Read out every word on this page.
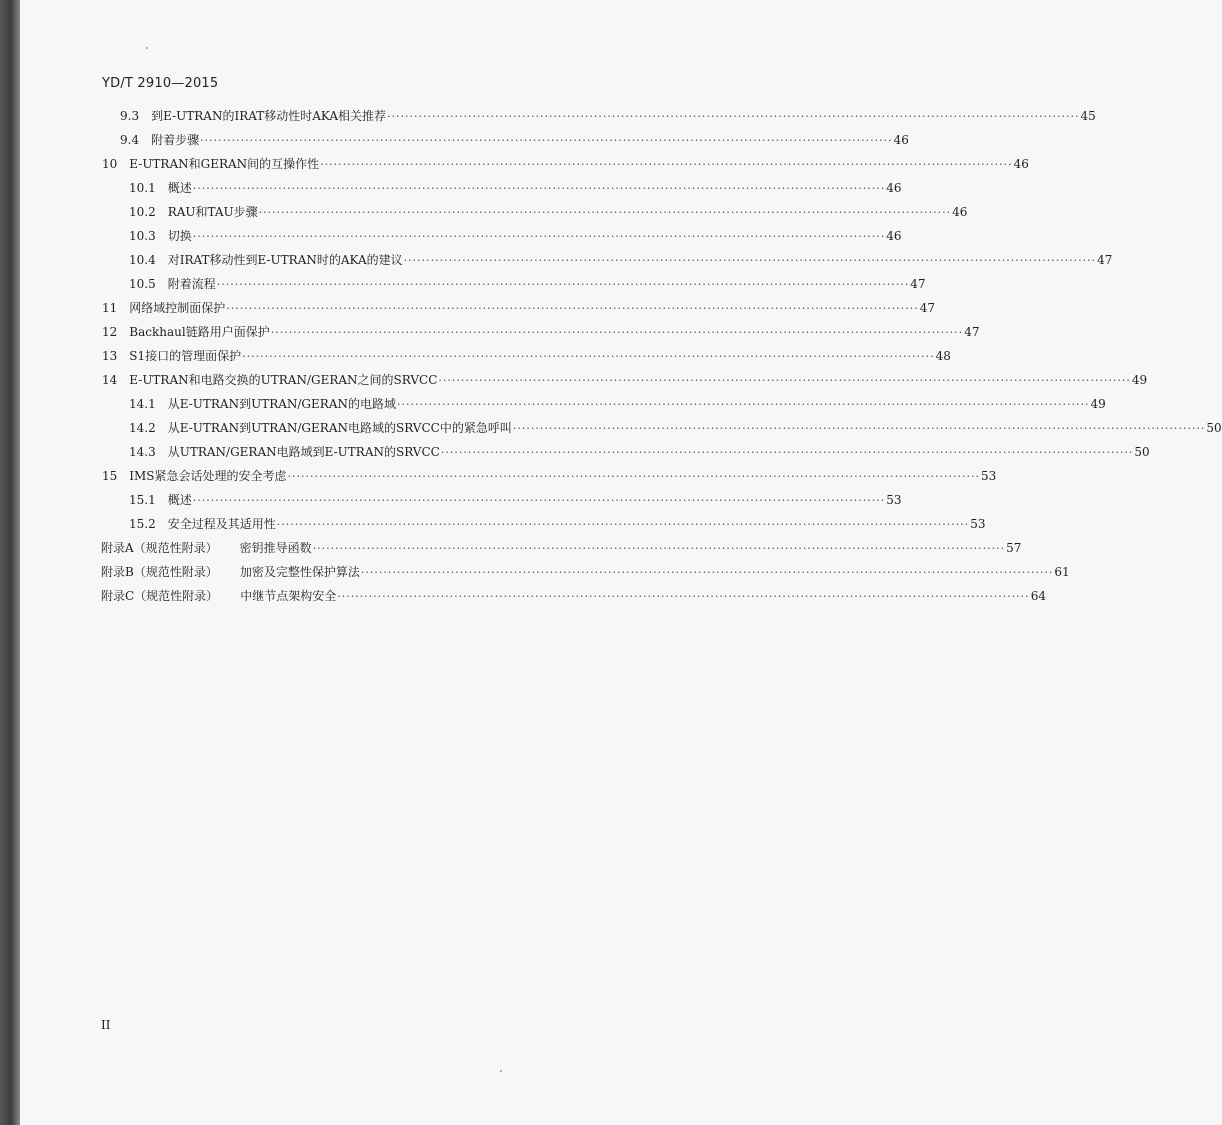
YD/T 2910—2015
9.3 到E-UTRAN的IRAT移动性时AKA相关推荐 ·························································································································································· 45
9.4 附着步骤 ·························································································································································· 46
10 E-UTRAN和GERAN间的互操作性 ·························································································································································· 46
10.1 概述 ·························································································································································· 46
10.2 RAU和TAU步骤 ·························································································································································· 46
10.3 切换 ·························································································································································· 46
10.4 对IRAT移动性到E-UTRAN时的AKA的建议 ·························································································································································· 47
10.5 附着流程 ·························································································································································· 47
11 网络域控制面保护 ·························································································································································· 47
12 Backhaul链路用户面保护 ·························································································································································· 47
13 S1接口的管理面保护 ·························································································································································· 48
14 E-UTRAN和电路交换的UTRAN/GERAN之间的SRVCC ·························································································································································· 49
14.1 从E-UTRAN到UTRAN/GERAN的电路域 ·························································································································································· 49
14.2 从E-UTRAN到UTRAN/GERAN电路域的SRVCC中的紧急呼叫 ·························································································································································· 50
14.3 从UTRAN/GERAN电路域到E-UTRAN的SRVCC ·························································································································································· 50
15 IMS紧急会话处理的安全考虑 ·························································································································································· 53
15.1 概述 ·························································································································································· 53
15.2 安全过程及其适用性 ·························································································································································· 53
附录A（规范性附录） 密钥推导函数 ·························································································································································· 57
附录B（规范性附录） 加密及完整性保护算法 ·························································································································································· 61
附录C（规范性附录） 中继节点架构安全 ·························································································································································· 64
II
